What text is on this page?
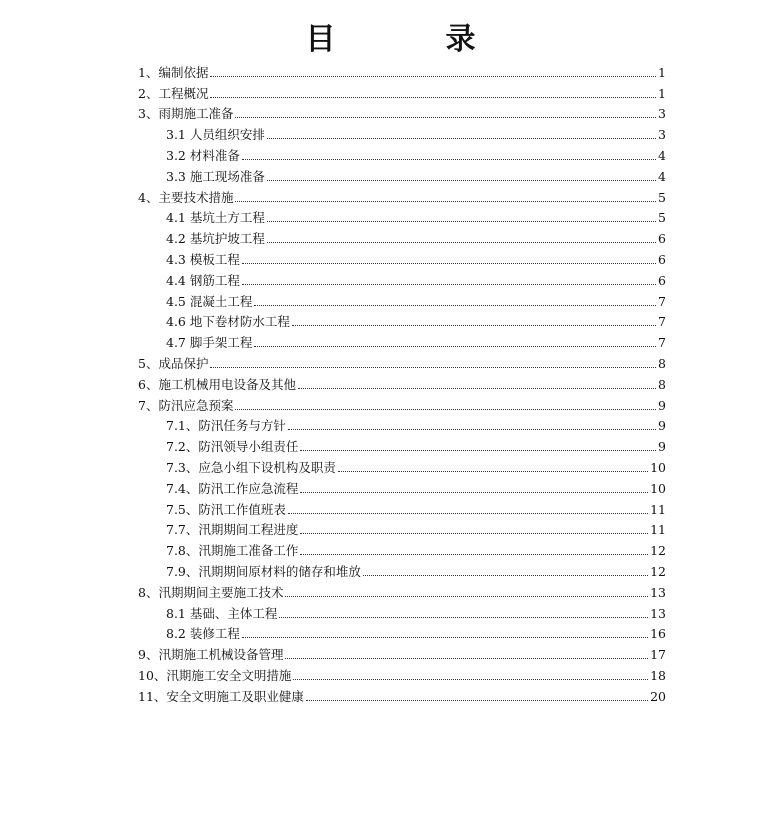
目	录
1、编制依据	1
2、工程概况	1
3、雨期施工准备	3
3.1 人员组织安排	3
3.2 材料准备	4
3.3 施工现场准备	4
4、主要技术措施	5
4.1 基坑土方工程	5
4.2 基坑护坡工程	6
4.3 模板工程	6
4.4 钢筋工程	6
4.5 混凝土工程	7
4.6 地下卷材防水工程	7
4.7 脚手架工程	7
5、成品保护	8
6、施工机械用电设备及其他	8
7、防汛应急预案	9
7.1、防汛任务与方针	9
7.2、防汛领导小组责任	9
7.3、应急小组下设机构及职责	10
7.4、防汛工作应急流程	10
7.5、防汛工作值班表	11
7.7、汛期期间工程进度	11
7.8、汛期施工准备工作	12
7.9、汛期期间原材料的储存和堆放	12
8、汛期期间主要施工技术	13
8.1 基础、主体工程	13
8.2 装修工程	16
9、汛期施工机械设备管理	17
10、汛期施工安全文明措施	18
11、安全文明施工及职业健康	20
